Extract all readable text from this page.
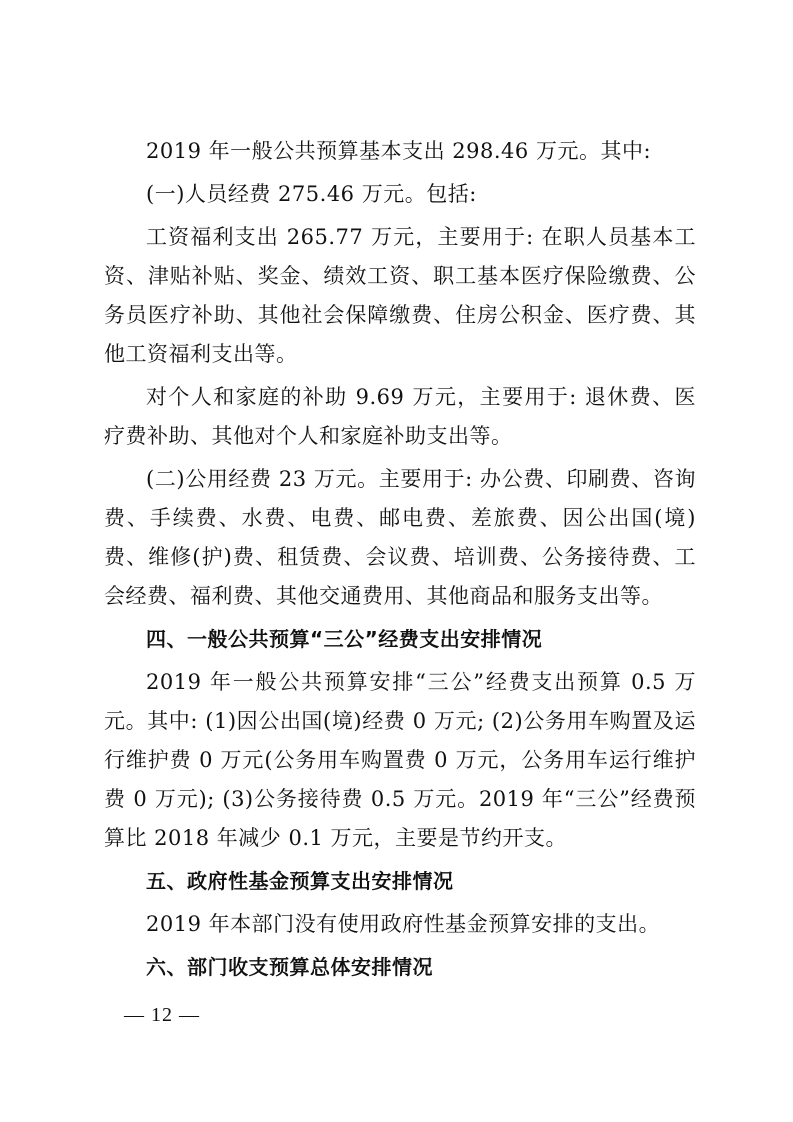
2019 年一般公共预算基本支出 298.46 万元。其中:

(一)人员经费 275.46 万元。包括:

工资福利支出 265.77 万元，主要用于: 在职人员基本工资、津贴补贴、奖金、绩效工资、职工基本医疗保险缴费、公务员医疗补助、其他社会保障缴费、住房公积金、医疗费、其他工资福利支出等。

对个人和家庭的补助 9.69 万元，主要用于: 退休费、医疗费补助、其他对个人和家庭补助支出等。

(二)公用经费 23 万元。主要用于: 办公费、印刷费、咨询费、手续费、水费、电费、邮电费、差旅费、因公出国(境)费、维修(护)费、租赁费、会议费、培训费、公务接待费、工会经费、福利费、其他交通费用、其他商品和服务支出等。

四、一般公共预算“三公”经费支出安排情况

2019 年一般公共预算安排“三公”经费支出预算 0.5 万元。其中: (1)因公出国(境)经费 0 万元; (2)公务用车购置及运行维护费 0 万元(公务用车购置费 0 万元，公务用车运行维护费 0 万元); (3)公务接待费 0.5 万元。2019 年“三公”经费预算比 2018 年减少 0.1 万元，主要是节约开支。

五、政府性基金预算支出安排情况

2019 年本部门没有使用政府性基金预算安排的支出。

六、部门收支预算总体安排情况

— 12 —
